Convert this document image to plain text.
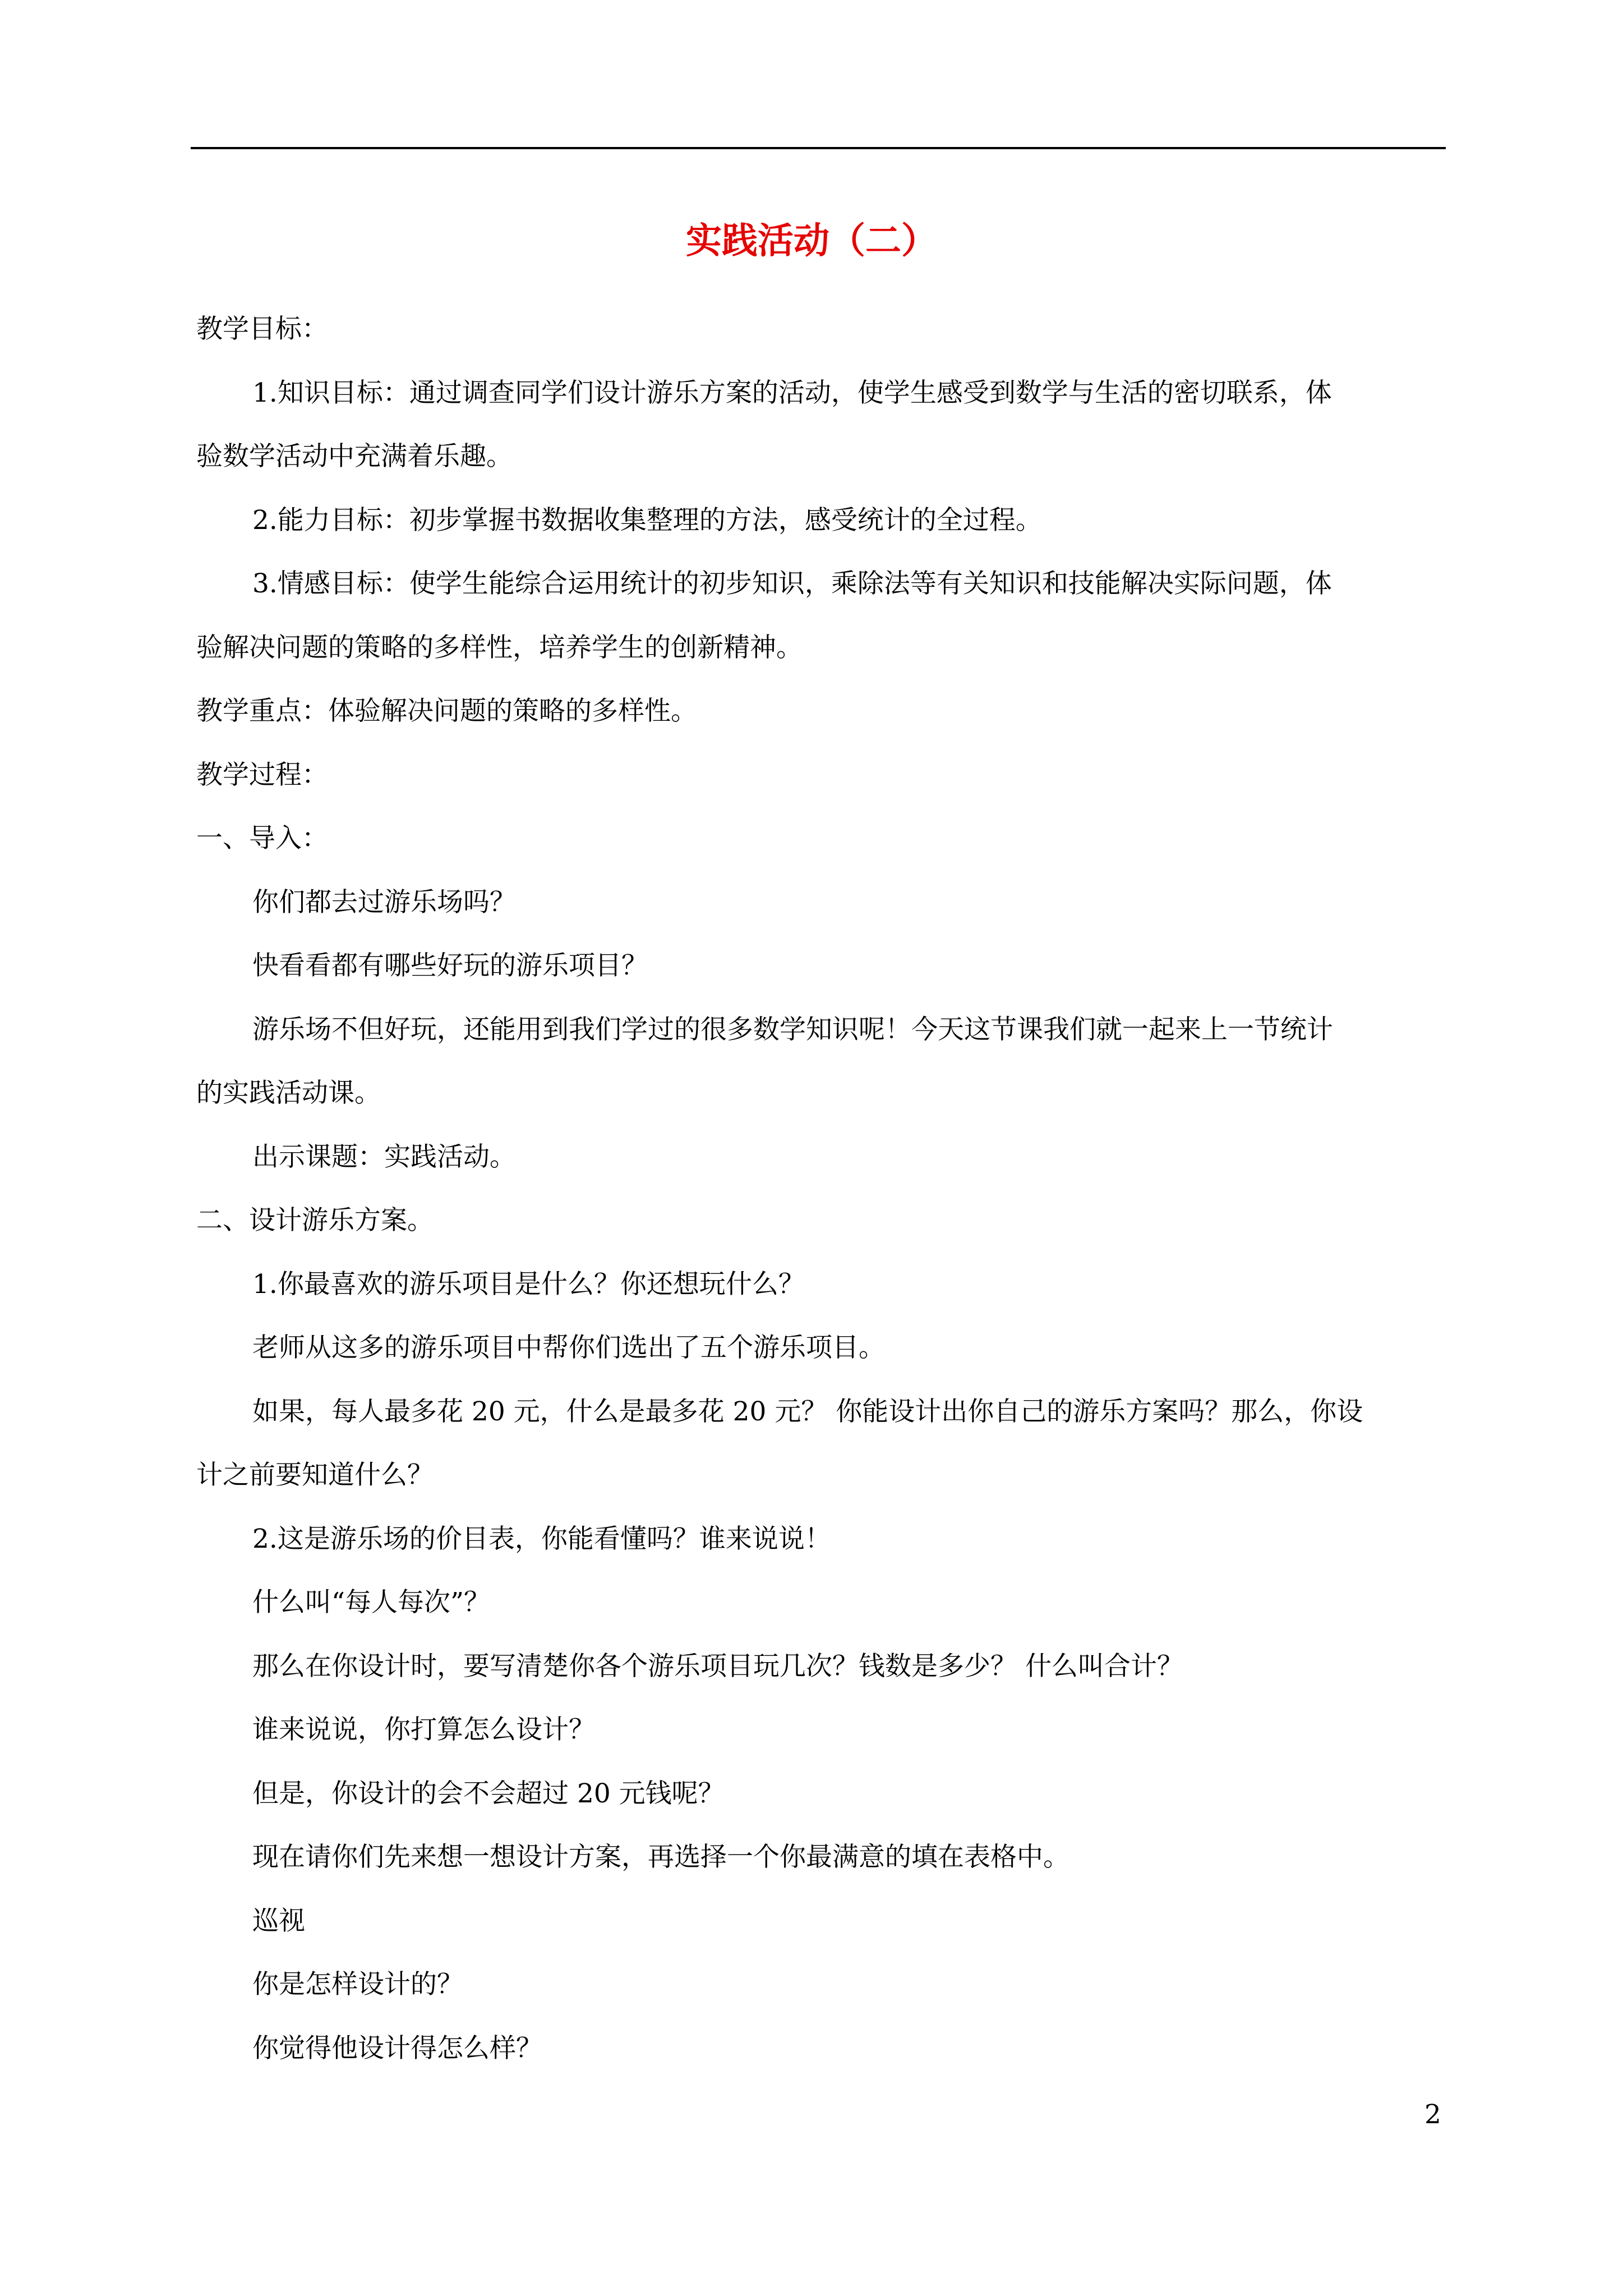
实践活动（二）

教学目标：

1.知识目标：通过调查同学们设计游乐方案的活动，使学生感受到数学与生活的密切联系，体

验数学活动中充满着乐趣。

2.能力目标：初步掌握书数据收集整理的方法，感受统计的全过程。

3.情感目标：使学生能综合运用统计的初步知识，乘除法等有关知识和技能解决实际问题，体

验解决问题的策略的多样性，培养学生的创新精神。

教学重点：体验解决问题的策略的多样性。

教学过程：

一、导入：

你们都去过游乐场吗？

快看看都有哪些好玩的游乐项目？

游乐场不但好玩，还能用到我们学过的很多数学知识呢！今天这节课我们就一起来上一节统计

的实践活动课。

出示课题：实践活动。

二、设计游乐方案。

1.你最喜欢的游乐项目是什么？你还想玩什么？

老师从这多的游乐项目中帮你们选出了五个游乐项目。

如果，每人最多花 20 元，什么是最多花 20 元？ 你能设计出你自己的游乐方案吗？那么，你设

计之前要知道什么？

2.这是游乐场的价目表，你能看懂吗？谁来说说！

什么叫“每人每次”？

那么在你设计时，要写清楚你各个游乐项目玩几次？钱数是多少？ 什么叫合计？

谁来说说，你打算怎么设计？

但是，你设计的会不会超过 20 元钱呢？

现在请你们先来想一想设计方案，再选择一个你最满意的填在表格中。

巡视

你是怎样设计的？

你觉得他设计得怎么样？

2
